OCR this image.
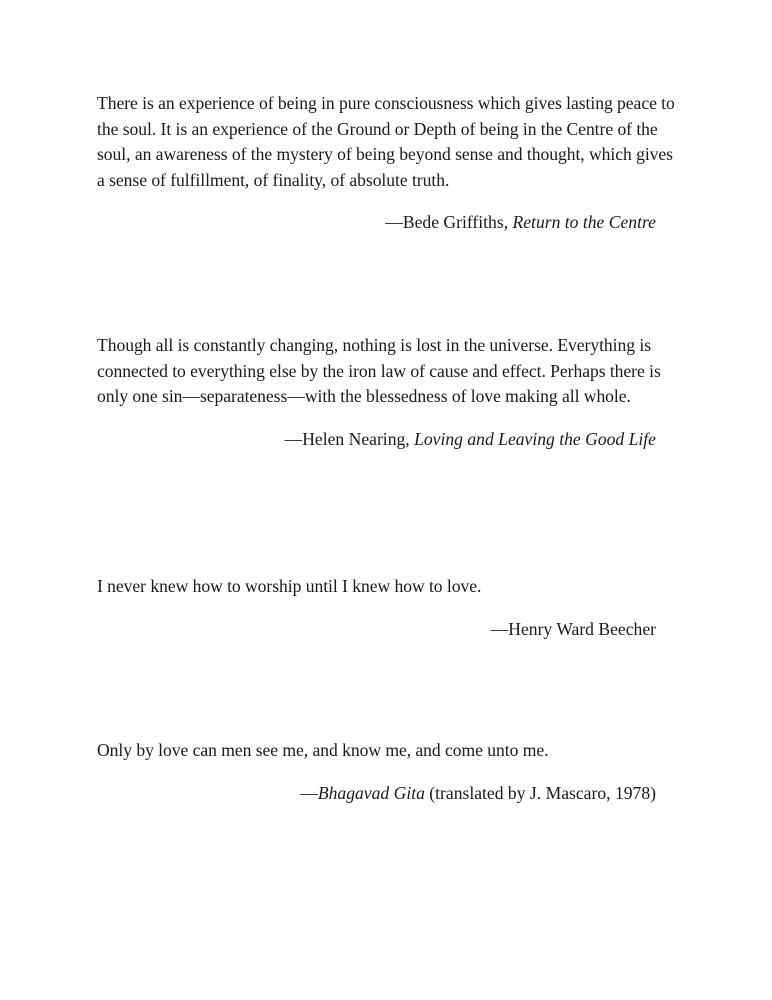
There is an experience of being in pure consciousness which gives lasting peace to the soul. It is an experience of the Ground or Depth of being in the Centre of the soul, an awareness of the mystery of being beyond sense and thought, which gives a sense of fulfillment, of finality, of absolute truth.

—Bede Griffiths, Return to the Centre

Though all is constantly changing, nothing is lost in the universe. Everything is connected to everything else by the iron law of cause and effect. Perhaps there is only one sin—separateness—with the blessedness of love making all whole.

—Helen Nearing, Loving and Leaving the Good Life

I never knew how to worship until I knew how to love.

—Henry Ward Beecher

Only by love can men see me, and know me, and come unto me.

—Bhagavad Gita (translated by J. Mascaro, 1978)
